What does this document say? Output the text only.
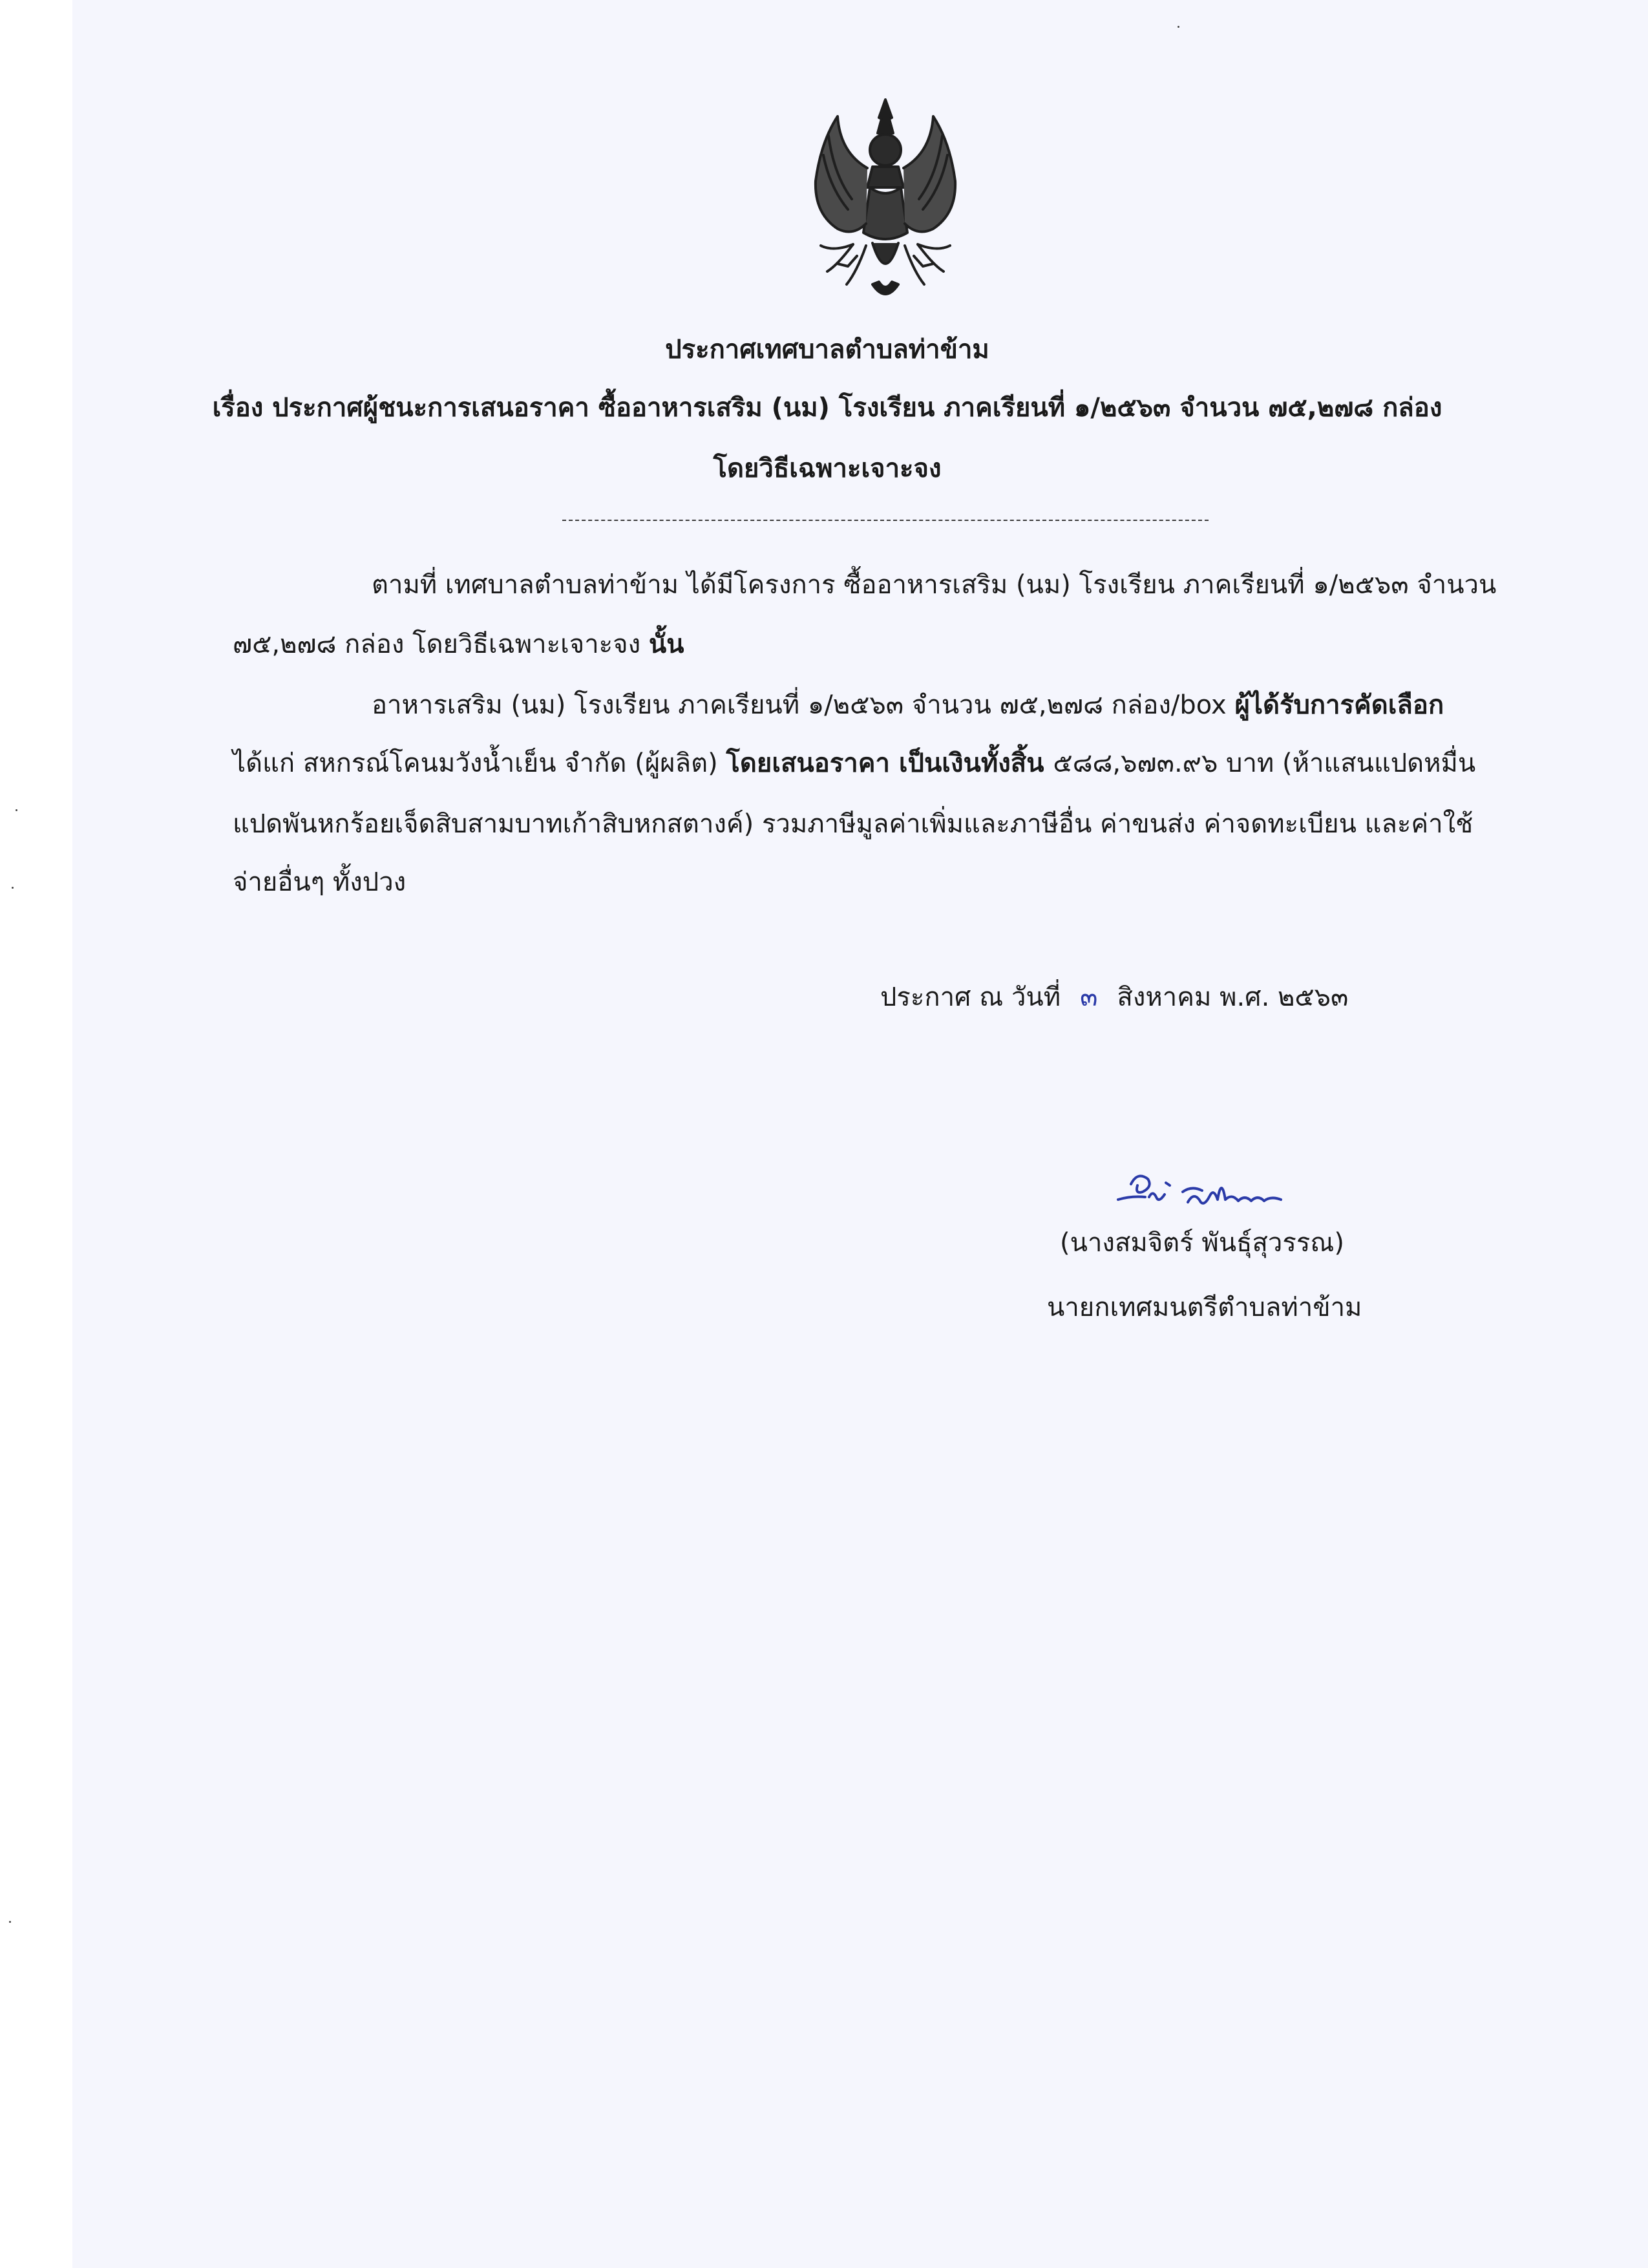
ประกาศเทศบาลตำบลท่าข้าม
เรื่อง ประกาศผู้ชนะการเสนอราคา ซื้ออาหารเสริม (นม) โรงเรียน ภาคเรียนที่ ๑/๒๕๖๓ จำนวน ๗๕,๒๗๘ กล่อง
โดยวิธีเฉพาะเจาะจง
ตามที่ เทศบาลตำบลท่าข้าม ได้มีโครงการ ซื้ออาหารเสริม (นม) โรงเรียน ภาคเรียนที่ ๑/๒๕๖๓ จำนวน
๗๕,๒๗๘ กล่อง โดยวิธีเฉพาะเจาะจง นั้น
อาหารเสริม (นม) โรงเรียน ภาคเรียนที่ ๑/๒๕๖๓ จำนวน ๗๕,๒๗๘ กล่อง/box ผู้ได้รับการคัดเลือก
ได้แก่ สหกรณ์โคนมวังน้ำเย็น จำกัด (ผู้ผลิต) โดยเสนอราคา เป็นเงินทั้งสิ้น ๕๘๘,๖๗๓.๙๖ บาท (ห้าแสนแปดหมื่น
แปดพันหกร้อยเจ็ดสิบสามบาทเก้าสิบหกสตางค์) รวมภาษีมูลค่าเพิ่มและภาษีอื่น ค่าขนส่ง ค่าจดทะเบียน และค่าใช้
จ่ายอื่นๆ ทั้งปวง
ประกาศ ณ วันที่ ๓ สิงหาคม พ.ศ. ๒๕๖๓
(นางสมจิตร์ พันธุ์สุวรรณ)
นายกเทศมนตรีตำบลท่าข้าม
